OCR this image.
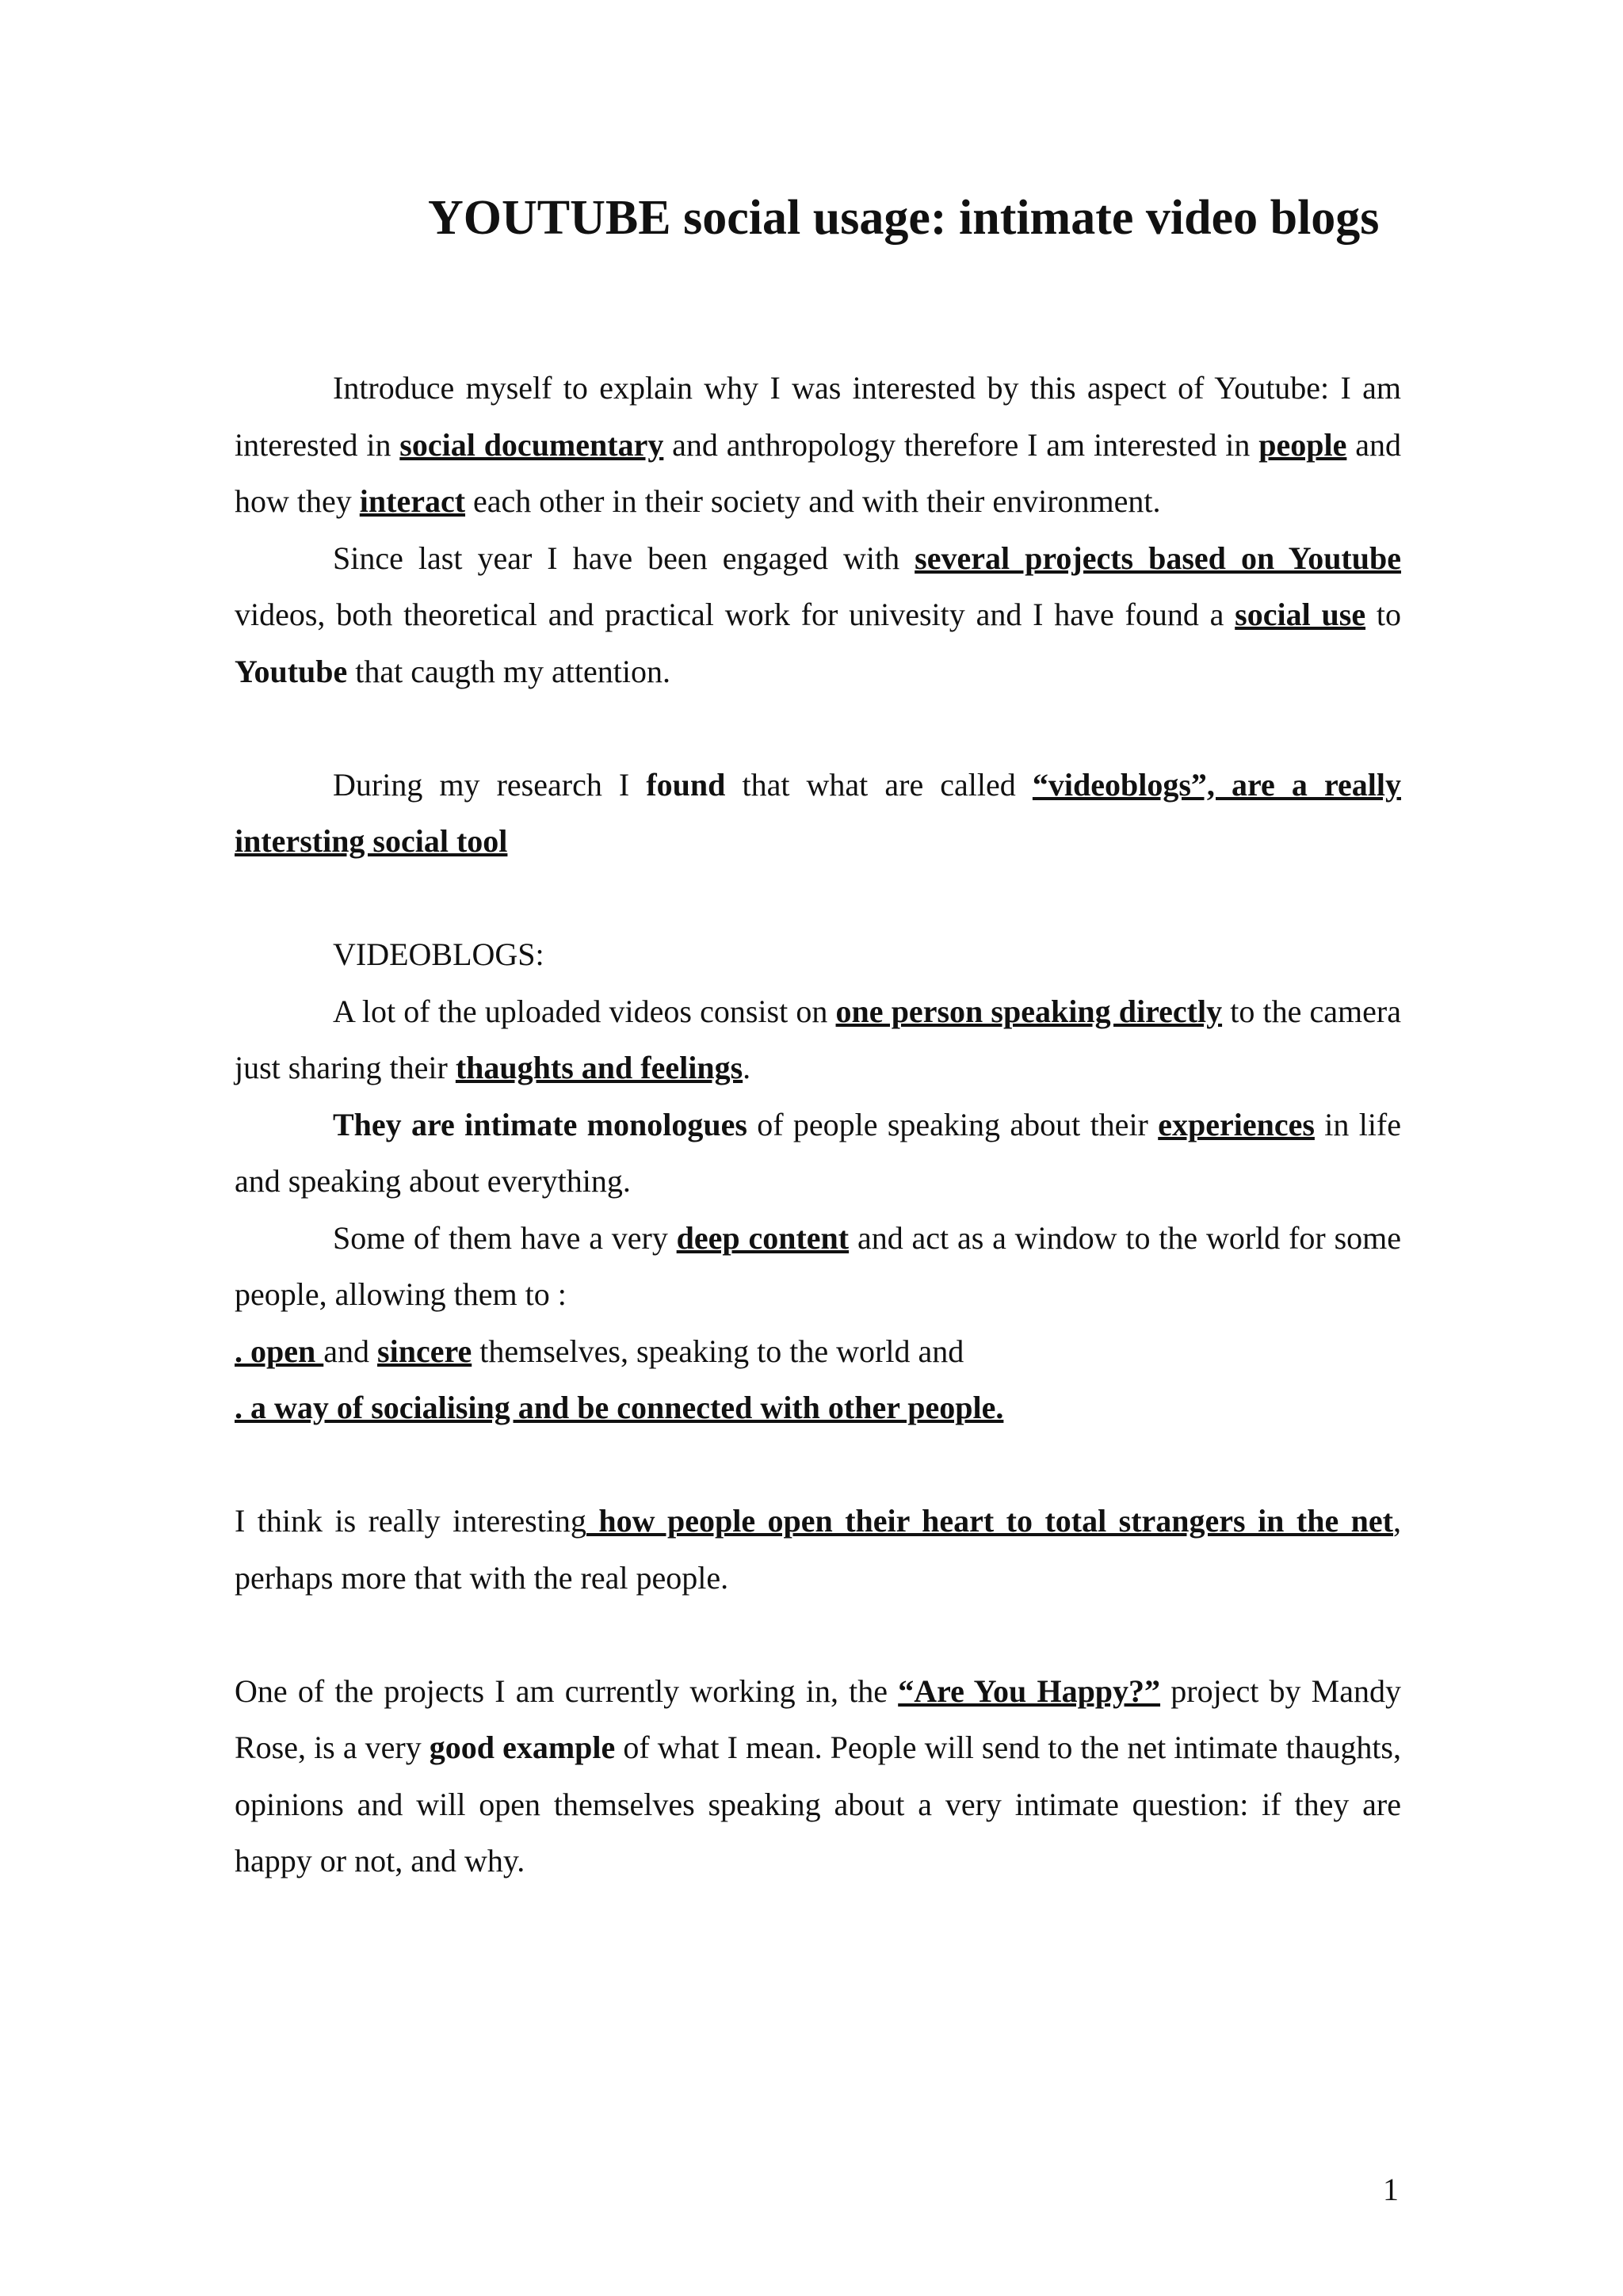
YOUTUBE social usage: intimate video blogs

Introduce myself to explain why I was interested by this aspect of Youtube: I am interested in social documentary and anthropology therefore I am interested in people and how they interact each other in their society and with their environment.

Since last year I have been engaged with several projects based on Youtube videos, both theoretical and practical work for univesity and I have found a social use to Youtube that caugth my attention.

During my research I found that what are called “videoblogs”, are a really intersting social tool

VIDEOBLOGS:

A lot of the uploaded videos consist on one person speaking directly to the camera just sharing their thaughts and feelings.

They are intimate monologues of people speaking about their experiences in life and speaking about everything.

Some of them have a very deep content and act as a window to the world for some people, allowing them to :

. open and sincere themselves, speaking to the world and

. a way of socialising and be connected with other people.

I think is really interesting how people open their heart to total strangers in the net, perhaps more that with the real people.

One of the projects I am currently working in, the “Are You Happy?” project by Mandy Rose, is a very good example of what I mean. People will send to the net intimate thaughts, opinions and will open themselves speaking about a very intimate question: if they are happy or not, and why.

1
